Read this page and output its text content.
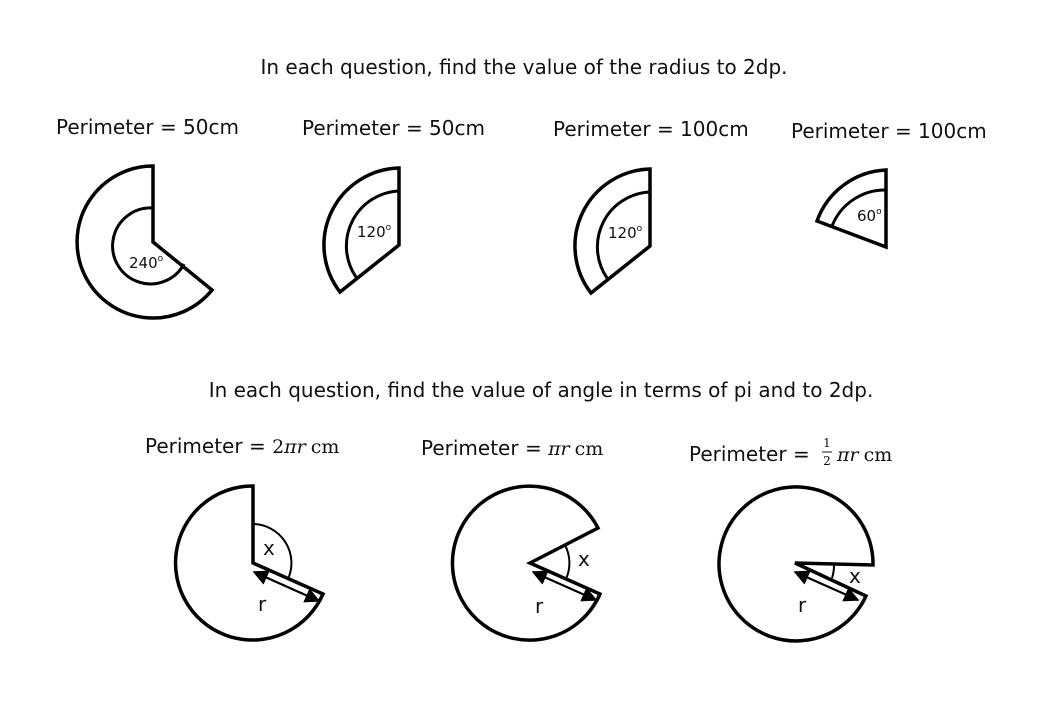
In each question, find the value of the radius to 2dp.
Perimeter = 50cm	Perimeter = 50cm	Perimeter = 100cm Perimeter = 100cm
240$^o$
120$^o$	120$^o$
60$^o$
In each question, find the value of angle in terms of pi and to 2dp.
Perimeter = 2πr cm	Perimeter = πr cm	Perimeter = 1
2 πr cm
x
r
x
r
x
r
